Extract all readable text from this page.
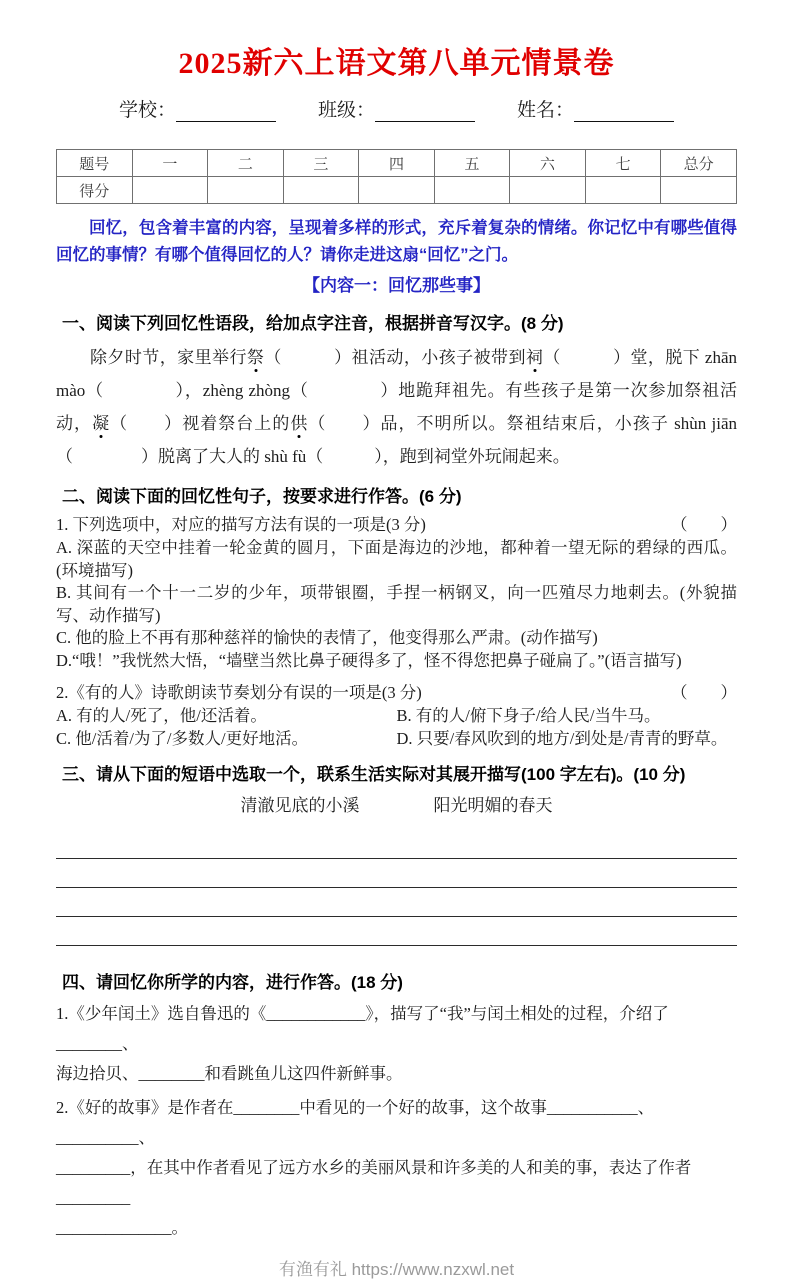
2025新六上语文第八单元情景卷
学校：	班级：	姓名：
题号	一	二	三	四	五	六	七	总分
得分								
回忆，包含着丰富的内容，呈现着多样的形式，充斥着复杂的情绪。你记忆中有哪些值得回忆的事情？有哪个值得回忆的人？请你走进这扇“回忆”之门。
【内容一：回忆那些事】
一、阅读下列回忆性语段，给加点字注音，根据拼音写汉字。(8 分)
除夕时节，家里举行祭（　　　）祖活动，小孩子被带到祠（　　　）堂，脱下 zhān mào（　　　　），zhèng zhòng（　　　　）地跪拜祖先。有些孩子是第一次参加祭祖活动，凝（　　）视着祭台上的供（　　）品，不明所以。祭祖结束后，小孩子 shùn jiān（　　　　）脱离了大人的 shù fù（　　　），跑到祠堂外玩闹起来。
二、阅读下面的回忆性句子，按要求进行作答。(6 分)
1. 下列选项中，对应的描写方法有误的一项是(3 分)	（　　）
A. 深蓝的天空中挂着一轮金黄的圆月，下面是海边的沙地，都种着一望无际的碧绿的西瓜。(环境描写)
B. 其间有一个十一二岁的少年，项带银圈，手捏一柄钢叉，向一匹殖尽力地刺去。(外貌描写、动作描写)
C. 他的脸上不再有那种慈祥的愉快的表情了，他变得那么严肃。(动作描写)
D.“哦！”我恍然大悟，“墙壁当然比鼻子硬得多了，怪不得您把鼻子碰扁了。”(语言描写)
2.《有的人》诗歌朗读节奏划分有误的一项是(3 分)	（　　）
A. 有的人/死了，他/还活着。	B. 有的人/俯下身子/给人民/当牛马。
C. 他/活着/为了/多数人/更好地活。	D. 只要/春风吹到的地方/到处是/青青的野草。
三、请从下面的短语中选取一个，联系生活实际对其展开描写(100 字左右)。(10 分)
清澈见底的小溪	阳光明媚的春天
四、请回忆你所学的内容，进行作答。(18 分)
1.《少年闰土》选自鲁迅的《____________》，描写了“我”与闰土相处的过程，介绍了________、
海边拾贝、________和看跳鱼儿这四件新鲜事。
2.《好的故事》是作者在________中看见的一个好的故事，这个故事___________、__________、
_________，在其中作者看见了远方水乡的美丽风景和许多美的人和美的事，表达了作者_________
______________。
有渔有礼 https://www.nzxwl.net
